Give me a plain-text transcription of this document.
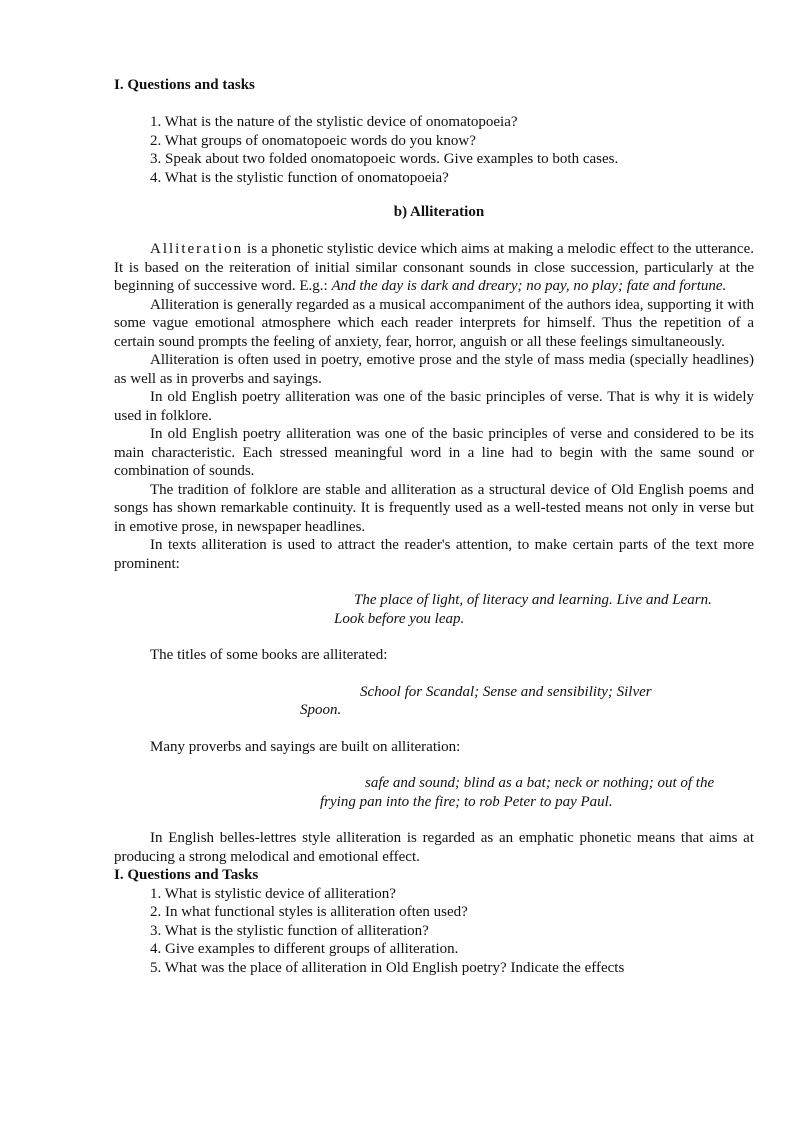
I. Questions and tasks

1. What is the nature of the stylistic device of onomatopoeia?
2. What groups of onomatopoeic words do you know?
3. Speak about two folded onomatopoeic words. Give examples to both cases.
4. What is the stylistic function of onomatopoeia?

b) Alliteration

Alliteration is a phonetic stylistic device which aims at making a melodic effect to the utterance. It is based on the reiteration of initial similar consonant sounds in close succession, particularly at the beginning of successive word. E.g.: And the day is dark and dreary; no pay, no play; fate and fortune.

Alliteration is generally regarded as a musical accompaniment of the authors idea, supporting it with some vague emotional atmosphere which each reader interprets for himself. Thus the repetition of a certain sound prompts the feeling of anxiety, fear, horror, anguish or all these feelings simultaneously.

Alliteration is often used in poetry, emotive prose and the style of mass media (specially headlines) as well as in proverbs and sayings.

In old English poetry alliteration was one of the basic principles of verse. That is why it is widely used in folklore.

In old English poetry alliteration was one of the basic principles of verse and considered to be its main characteristic. Each stressed meaningful word in a line had to begin with the same sound or combination of sounds.

The tradition of folklore are stable and alliteration as a structural device of Old English poems and songs has shown remarkable continuity. It is frequently used as a well-tested means not only in verse but in emotive prose, in newspaper headlines.

In texts alliteration is used to attract the reader's attention, to make certain parts of the text more prominent:

The place of light, of literacy and learning. Live and Learn. Look before you leap.

The titles of some books are alliterated:

School for Scandal; Sense and sensibility; Silver Spoon.

Many proverbs and sayings are built on alliteration:

safe and sound; blind as a bat; neck or nothing; out of the frying pan into the fire; to rob Peter to pay Paul.

In English belles-lettres style alliteration is regarded as an emphatic phonetic means that aims at producing a strong melodical and emotional effect.

I. Questions and Tasks

1. What is stylistic device of alliteration?
2. In what functional styles is alliteration often used?
3. What is the stylistic function of alliteration?
4. Give examples to different groups of alliteration.
5. What was the place of alliteration in Old English poetry? Indicate the effects
